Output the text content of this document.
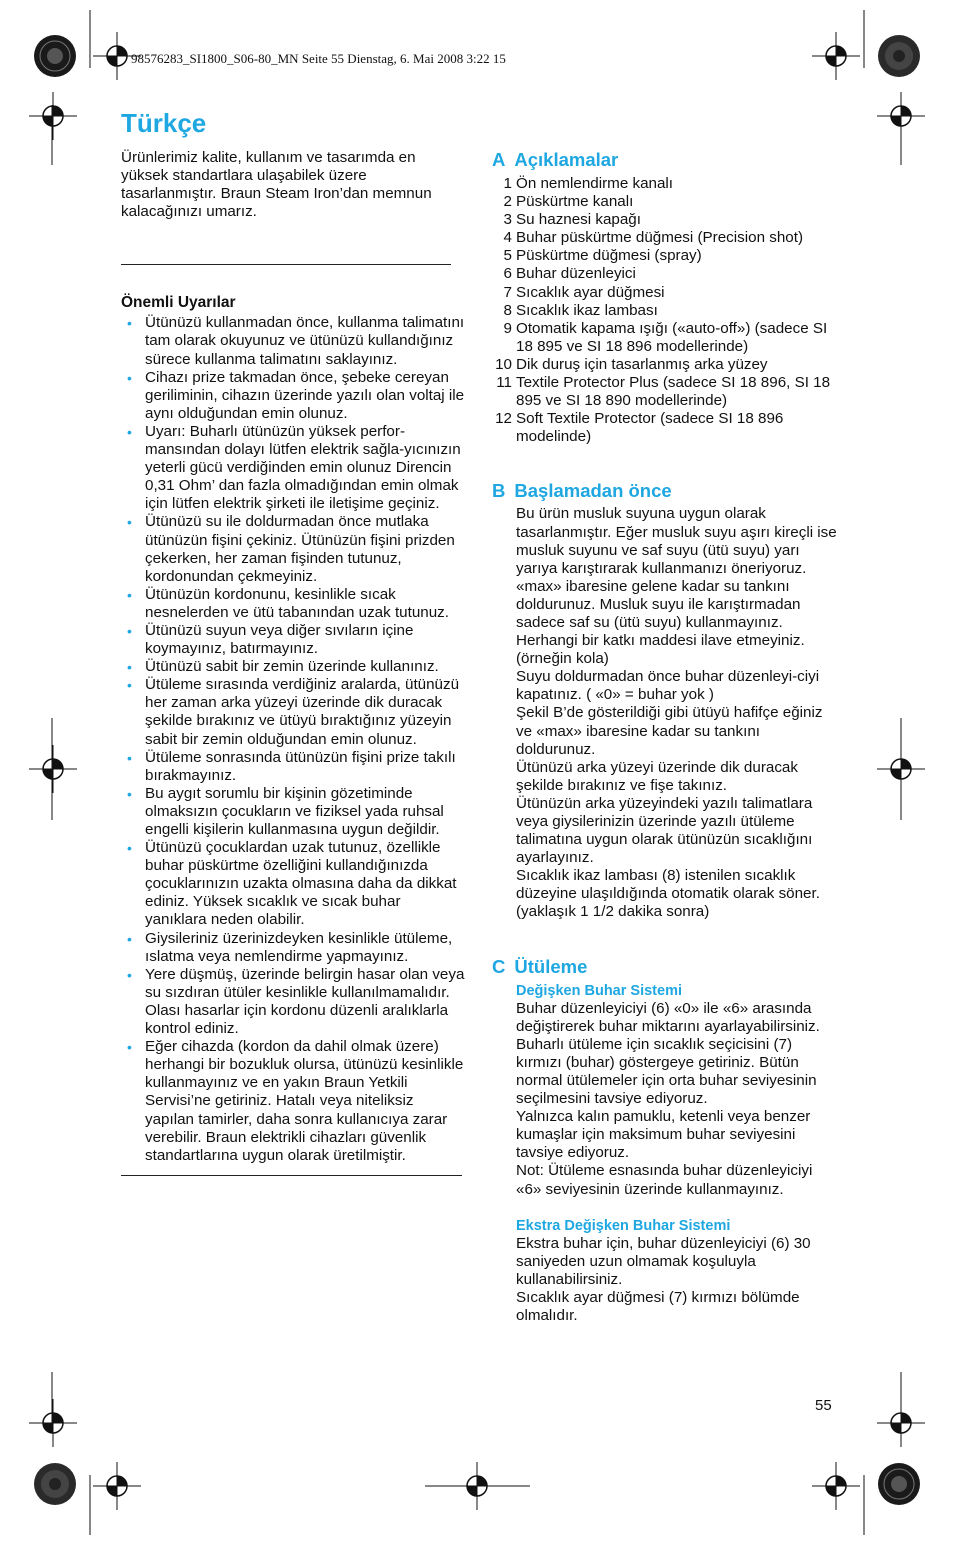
98576283_SI1800_S06-80_MN Seite 55 Dienstag, 6. Mai 2008 3:22 15
Türkçe

Ürünlerimiz kalite, kullanım ve tasarımda en yüksek standartlara ulaşabilek üzere tasarlanmıştır. Braun Steam Iron’dan memnun kalacağınızı umarız.

Önemli Uyarılar
• Ütünüzü kullanmadan önce, kullanma talimatını tam olarak okuyunuz ve ütünüzü kullandığınız sürece kullanma talimatını saklayınız.
• Cihazı prize takmadan önce, şebeke cereyan geriliminin, cihazın üzerinde yazılı olan voltaj ile aynı olduğundan emin olunuz.
• Uyarı: Buharlı ütünüzün yüksek perfor-mansından dolayı lütfen elektrik sağla-yıcınızın yeterli gücü verdiğinden emin olunuz Direncin 0,31 Ohm’ dan fazla olmadığından emin olmak için lütfen elektrik şirketi ile iletişime geçiniz.
• Ütünüzü su ile doldurmadan önce mutlaka ütünüzün fişini çekiniz. Ütünüzün fişini prizden çekerken, her zaman fişinden tutunuz, kordonundan çekmeyiniz.
• Ütünüzün kordonunu, kesinlikle sıcak nesnelerden ve ütü tabanından uzak tutunuz.
• Ütünüzü suyun veya diğer sıvıların içine koymayınız, batırmayınız.
• Ütünüzü sabit bir zemin üzerinde kullanınız.
• Ütüleme sırasında verdiğiniz aralarda, ütünüzü her zaman arka yüzeyi üzerinde dik duracak şekilde bırakınız ve ütüyü bıraktığınız yüzeyin sabit bir zemin olduğundan emin olunuz.
• Ütüleme sonrasında ütünüzün fişini prize takılı bırakmayınız.
• Bu aygıt sorumlu bir kişinin gözetiminde olmaksızın çocukların ve fiziksel yada ruhsal engelli kişilerin kullanmasına uygun değildir.
• Ütünüzü çocuklardan uzak tutunuz, özellikle buhar püskürtme özelliğini kullandığınızda çocuklarınızın uzakta olmasına daha da dikkat ediniz. Yüksek sıcaklık ve sıcak buhar yanıklara neden olabilir.
• Giysileriniz üzerinizdeyken kesinlikle ütüleme, ıslatma veya nemlendirme yapmayınız.
• Yere düşmüş, üzerinde belirgin hasar olan veya su sızdıran ütüler kesinlikle kullanılmamalıdır. Olası hasarlar için kordonu düzenli aralıklarla kontrol ediniz.
• Eğer cihazda (kordon da dahil olmak üzere) herhangi bir bozukluk olursa, ütünüzü kesinlikle kullanmayınız ve en yakın Braun Yetkili Servisi’ne getiriniz. Hatalı veya niteliksiz yapılan tamirler, daha sonra kullanıcıya zarar verebilir. Braun elektrikli cihazları güvenlik standartlarına uygun olarak üretilmiştir.
A Açıklamalar
1 Ön nemlendirme kanalı
2 Püskürtme kanalı
3 Su haznesi kapağı
4 Buhar püskürtme düğmesi (Precision shot)
5 Püskürtme düğmesi (spray)
6 Buhar düzenleyici
7 Sıcaklık ayar düğmesi
8 Sıcaklık ikaz lambası
9 Otomatik kapama ışığı («auto-off») (sadece SI 18 895 ve SI 18 896 modellerinde)
10 Dik duruş için tasarlanmış arka yüzey
11 Textile Protector Plus (sadece SI 18 896, SI 18 895 ve SI 18 890 modellerinde)
12 Soft Textile Protector (sadece SI 18 896 modelinde)
B Başlamadan önce

Bu ürün musluk suyuna uygun olarak tasarlanmıştır. Eğer musluk suyu aşırı kireçli ise musluk suyunu ve saf suyu (ütü suyu) yarı yarıya karıştırarak kullanmanızı öneriyoruz. «max» ibaresine gelene kadar su tankını doldurunuz. Musluk suyu ile karıştırmadan sadece saf su (ütü suyu) kullanmayınız. Herhangi bir katkı maddesi ilave etmeyiniz. (örneğin kola)

Suyu doldurmadan önce buhar düzenleyi-ciyi kapatınız. ( «0» = buhar yok )

Şekil B’de gösterildiği gibi ütüyü hafifçe eğiniz ve «max» ibaresine kadar su tankını doldurunuz.

Ütünüzü arka yüzeyi üzerinde dik duracak şekilde bırakınız ve fişe takınız.

Ütünüzün arka yüzeyindeki yazılı talimatlara veya giysilerinizin üzerinde yazılı ütüleme talimatına uygun olarak ütünüzün sıcaklığını ayarlayınız.

Sıcaklık ikaz lambası (8) istenilen sıcaklık düzeyine ulaşıldığında otomatik olarak söner. (yaklaşık 1 1/2 dakika sonra)

C Ütüleme
Değişken Buhar Sistemi

Buhar düzenleyiciyi (6) «0» ile «6» arasında değiştirerek buhar miktarını ayarlayabilirsiniz. Buharlı ütüleme için sıcaklık seçicisini (7) kırmızı (buhar) göstergeye getiriniz. Bütün normal ütülemeler için orta buhar seviyesinin seçilmesini tavsiye ediyoruz.

Yalnızca kalın pamuklu, ketenli veya benzer kumaşlar için maksimum buhar seviyesini tavsiye ediyoruz.

Not: Ütüleme esnasında buhar düzenleyiciyi «6» seviyesinin üzerinde kullanmayınız.

Ekstra Değişken Buhar Sistemi

Ekstra buhar için, buhar düzenleyiciyi (6) 30 saniyeden uzun olmamak koşuluyla kullanabilirsiniz.

Sıcaklık ayar düğmesi (7) kırmızı bölümde olmalıdır.

55
